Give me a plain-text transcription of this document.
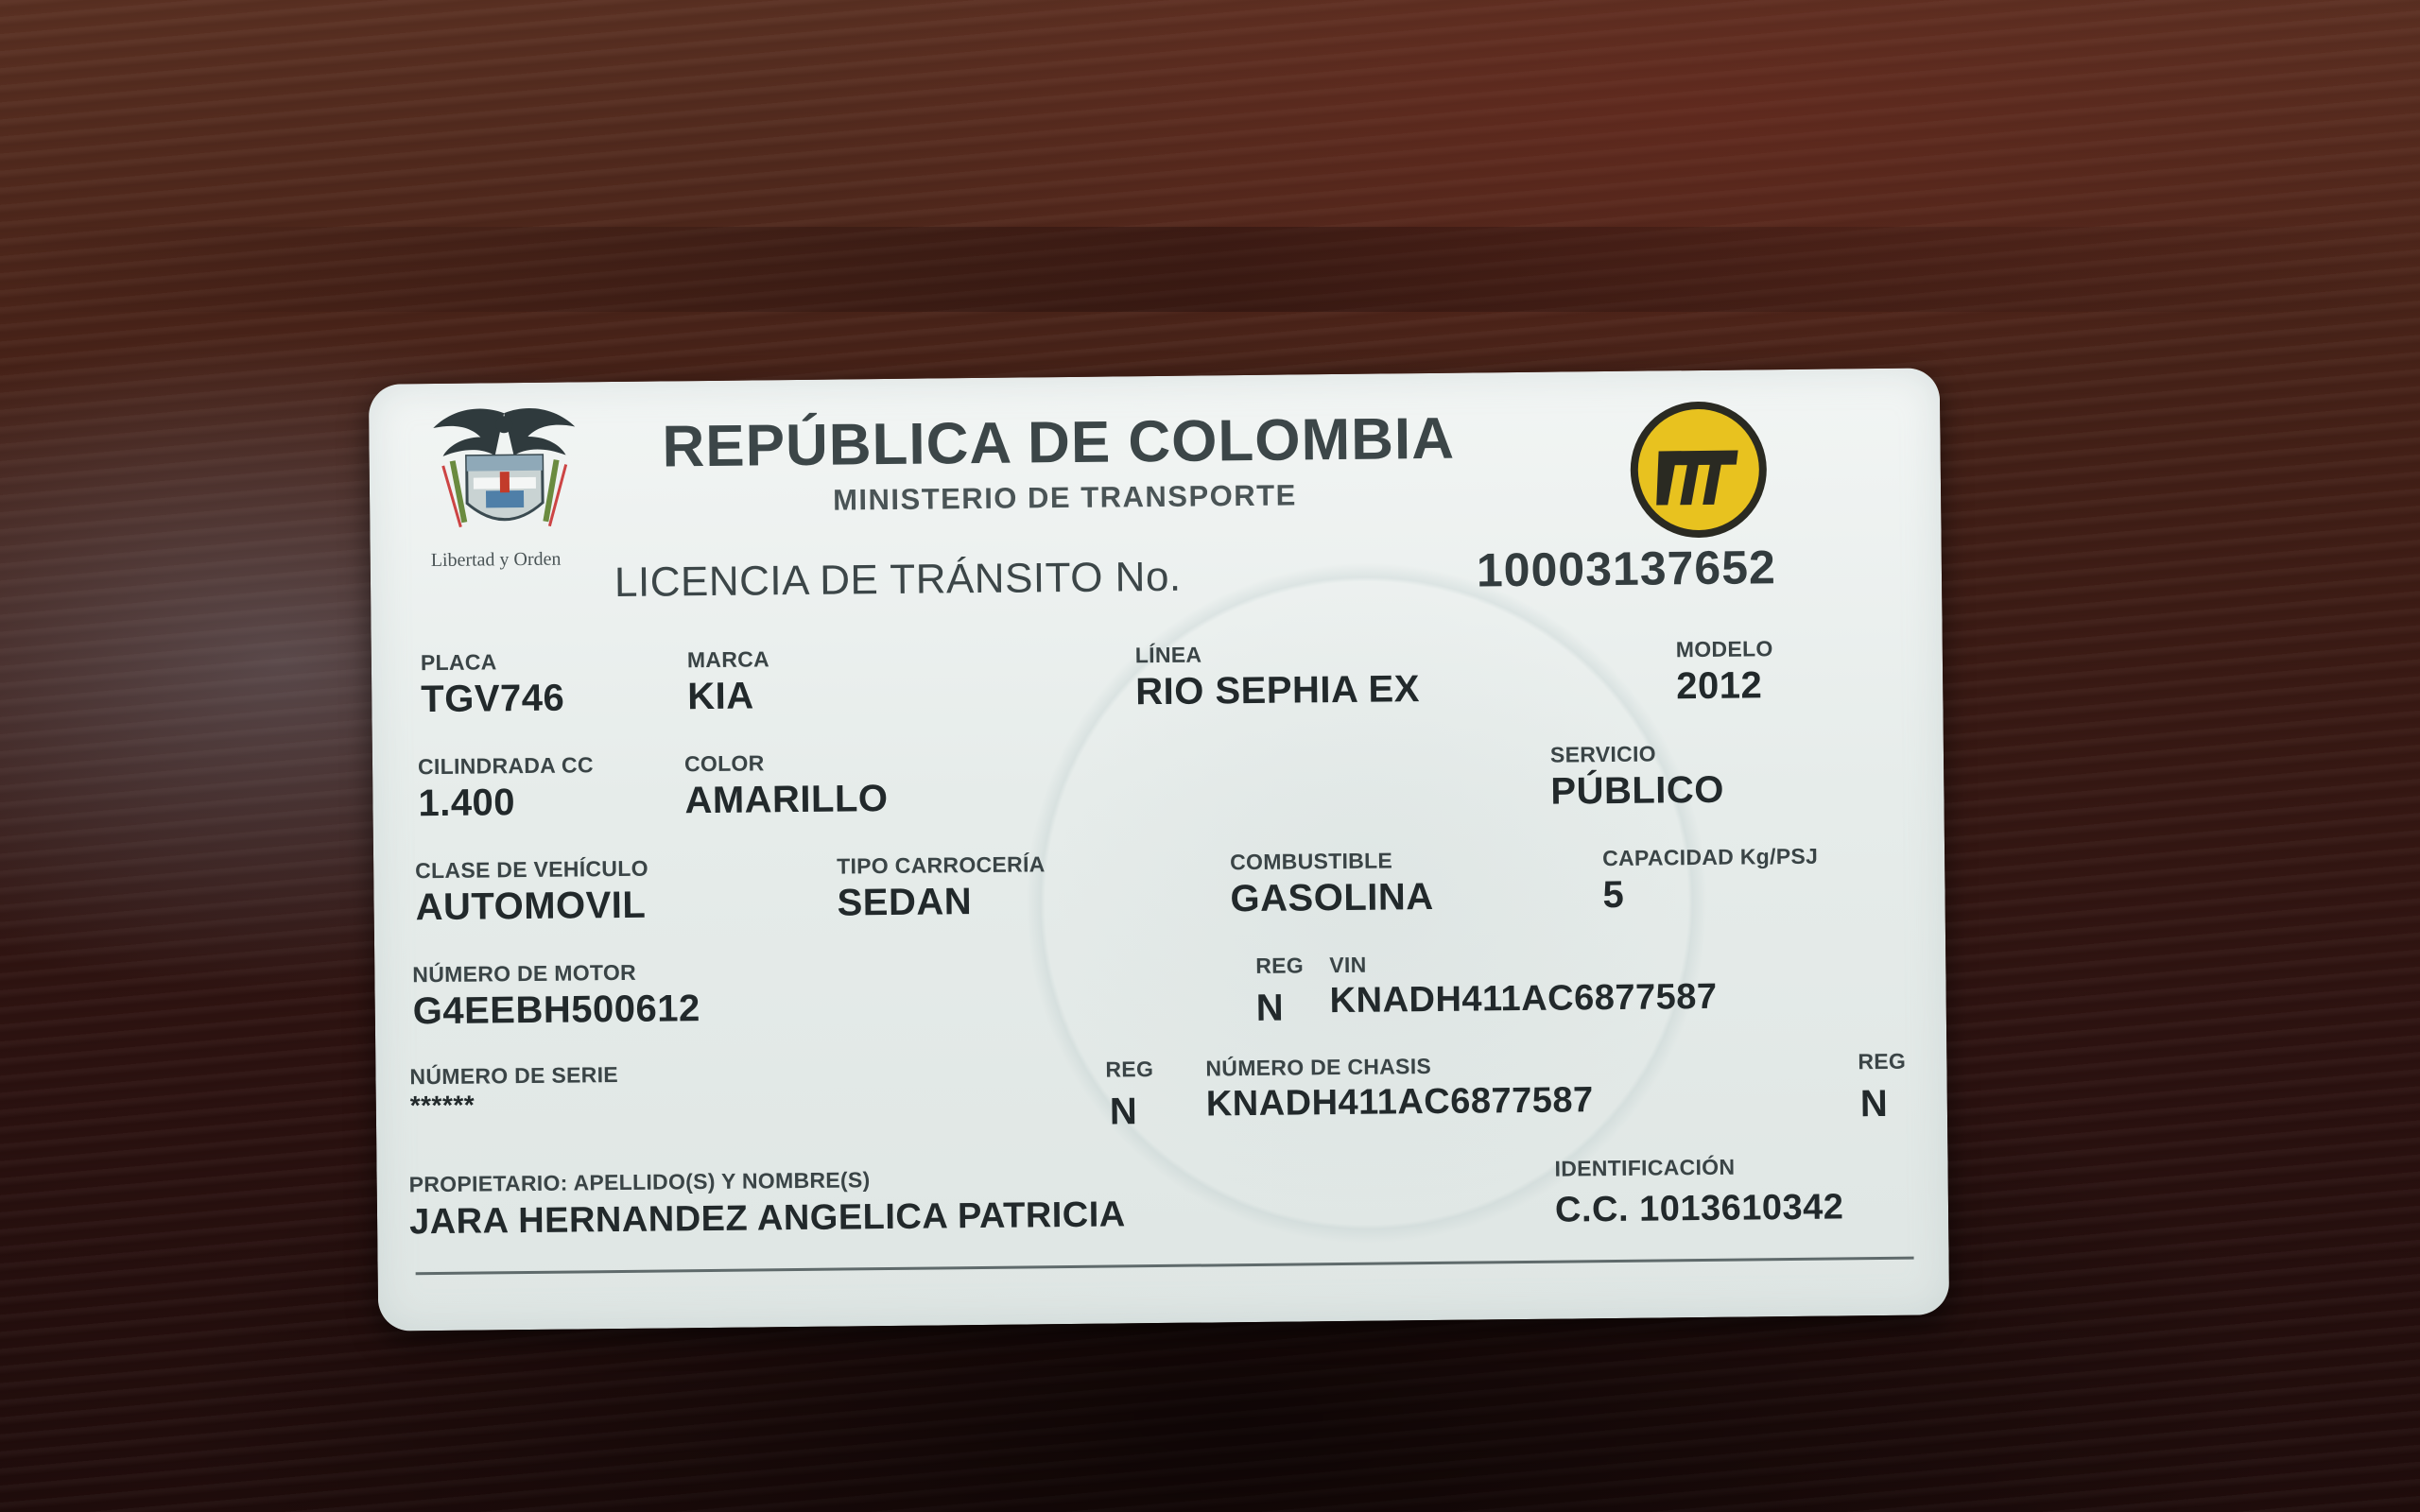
Libertad y Orden
REPÚBLICA DE COLOMBIA
MINISTERIO DE TRANSPORTE
LICENCIA DE TRÁNSITO No.	10003137652
PLACA
TGV746
MARCA
KIA
LÍNEA
RIO SEPHIA EX
MODELO
2012
CILINDRADA CC
1.400
COLOR
AMARILLO
SERVICIO
PÚBLICO
CLASE DE VEHÍCULO
AUTOMOVIL
TIPO CARROCERÍA
SEDAN
COMBUSTIBLE
GASOLINA
CAPACIDAD Kg/PSJ
5
NÚMERO DE MOTOR
G4EEBH500612
REG
N
VIN
KNADH411AC6877587
NÚMERO DE SERIE
******
REG
N
NÚMERO DE CHASIS
KNADH411AC6877587
REG
N
PROPIETARIO: APELLIDO(S) Y NOMBRE(S)
JARA HERNANDEZ ANGELICA PATRICIA
IDENTIFICACIÓN
C.C. 1013610342
